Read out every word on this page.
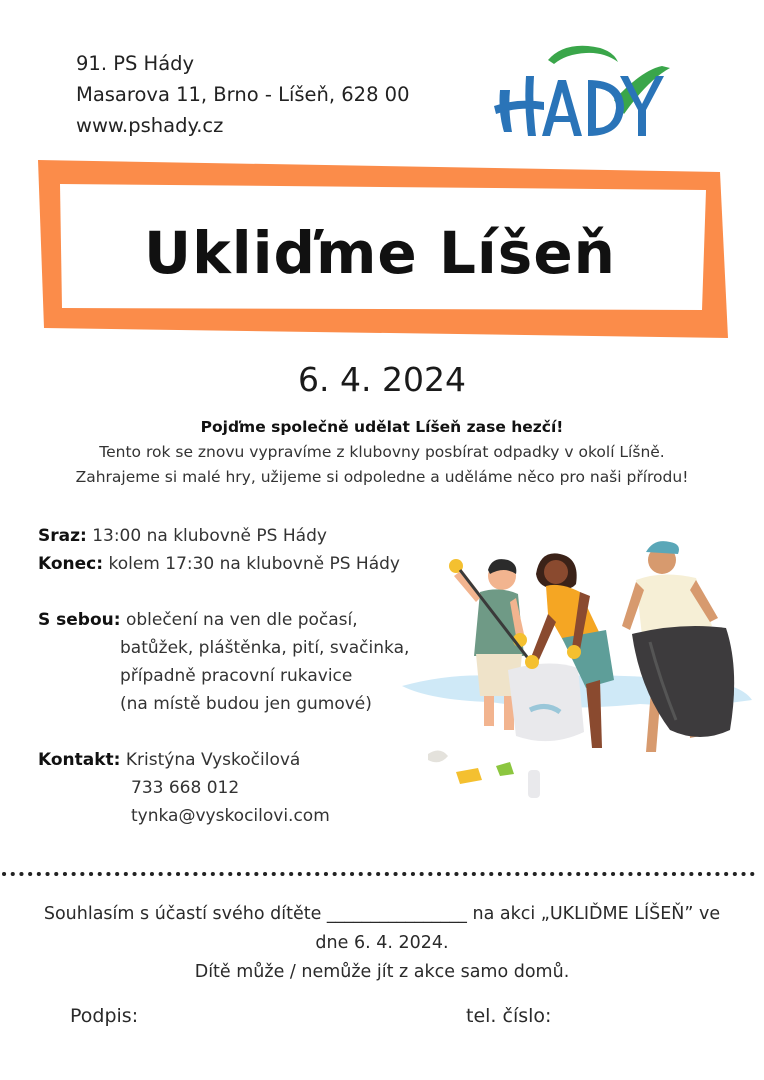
91. PS Hády
Masarova 11, Brno - Líšeň, 628 00
www.pshady.cz
Ukliďme Líšeň
6. 4. 2024
Pojďme společně udělat Líšeň zase hezčí!
Tento rok se znovu vypravíme z klubovny posbírat odpadky v okolí Líšně.
Zahrajeme si malé hry, užijeme si odpoledne a uděláme něco pro naši přírodu!
Sraz: 13:00 na klubovně PS Hády
Konec: kolem 17:30 na klubovně PS Hády
S sebou: oblečení na ven dle počasí,
batůžek, pláštěnka, pití, svačinka,
případně pracovní rukavice
(na místě budou jen gumové)
Kontakt: Kristýna Vyskočilová
733 668 012
tynka@vyskocilovi.com
Souhlasím s účastí svého dítěte ________________ na akci „UKLIĎME LÍŠEŇ” ve
dne 6. 4. 2024.
Dítě může / nemůže jít z akce samo domů.
Podpis:	tel. číslo:
